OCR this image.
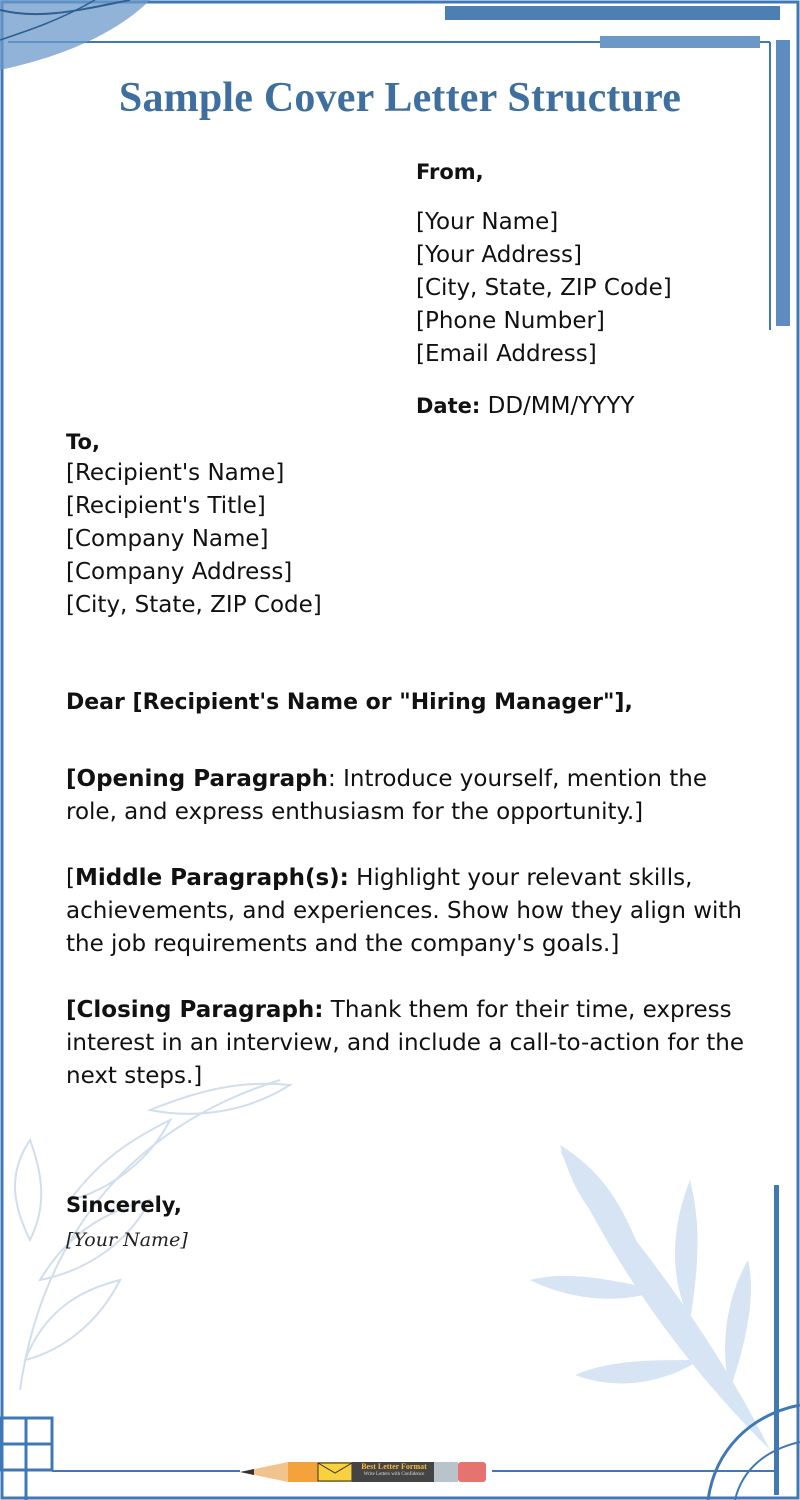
Sample Cover Letter Structure
From,
[Your Name]
[Your Address]
[City, State, ZIP Code]
[Phone Number]
[Email Address]
Date: DD/MM/YYYY
To,
[Recipient's Name]
[Recipient's Title]
[Company Name]
[Company Address]
[City, State, ZIP Code]
Dear [Recipient's Name or "Hiring Manager"],
[Opening Paragraph: Introduce yourself, mention the role, and express enthusiasm for the opportunity.]
[Middle Paragraph(s): Highlight your relevant skills, achievements, and experiences. Show how they align with the job requirements and the company's goals.]
[Closing Paragraph: Thank them for their time, express interest in an interview, and include a call-to-action for the next steps.]
Sincerely,
[Your Name]
Best Letter Format
Write Letters with Confidence
